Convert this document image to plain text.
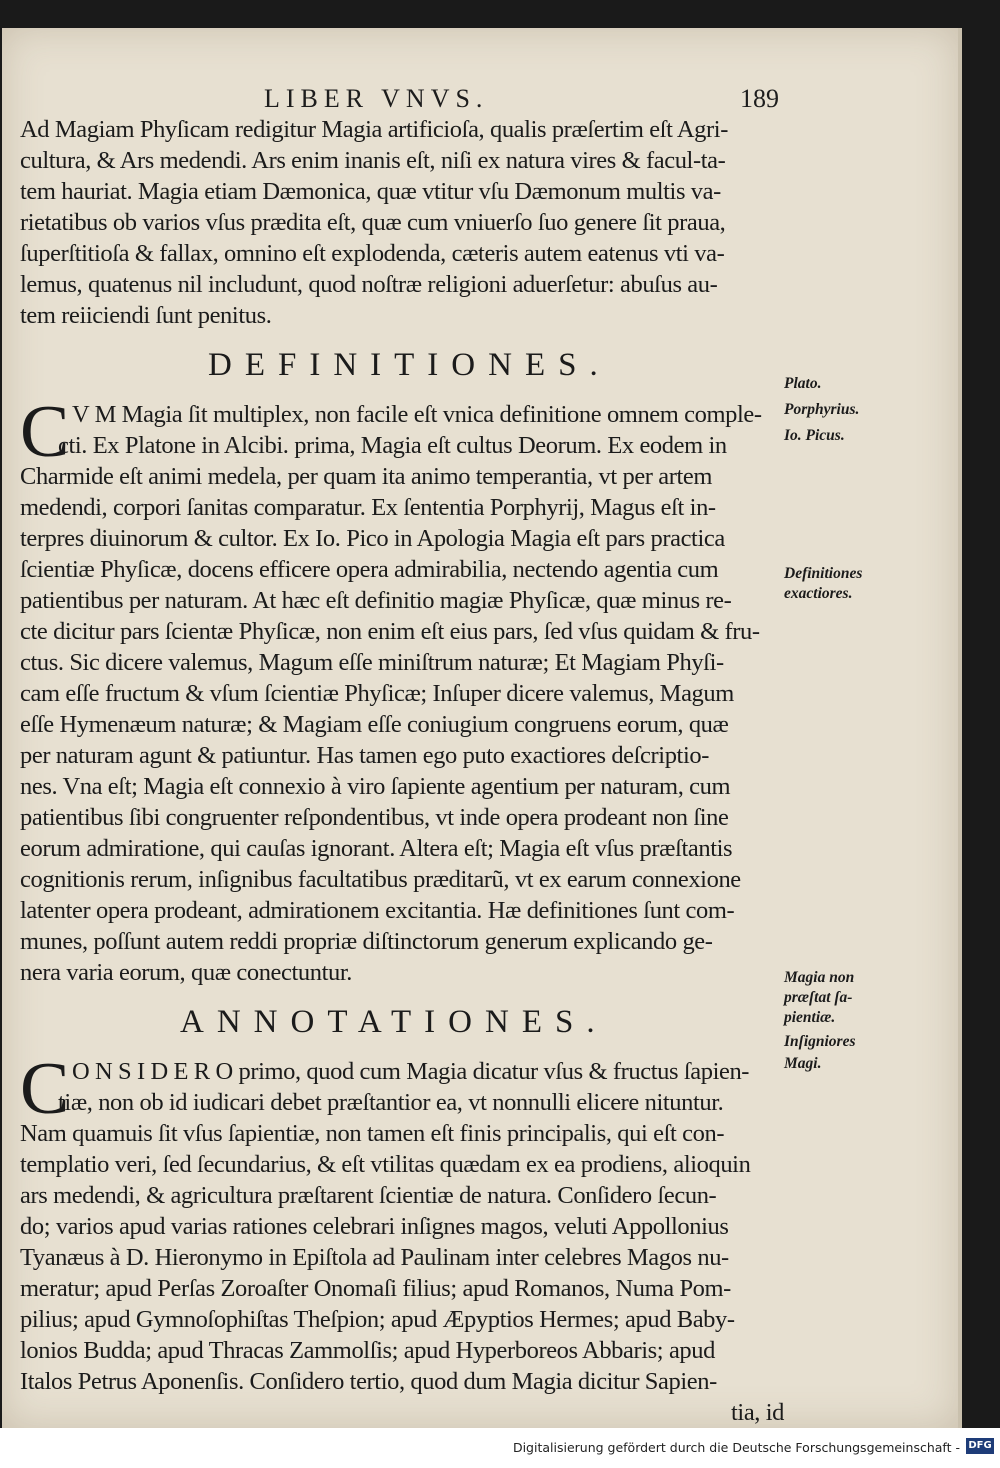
LIBER VNVS.	189
Ad Magiam Phyſicam redigitur Magia artificioſa, qualis præſertim eſt Agri-
cultura, & Ars medendi. Ars enim inanis eſt, niſi ex natura vires & facul-ta-
tem hauriat. Magia etiam Dæmonica, quæ vtitur vſu Dæmonum multis va-
rietatibus ob varios vſus prædita eſt, quæ cum vniuerſo ſuo genere ſit praua,
ſuperſtitioſa & fallax, omnino eſt explodenda, cæteris autem eatenus vti va-
lemus, quatenus nil includunt, quod noſtræ religioni aduerſetur: abuſus au-
tem reiiciendi ſunt penitus.
DEFINITIONES.
C V M Magia ſit multiplex, non facile eſt vnica definitione omnem comple-
cti. Ex Platone in Alcibi. prima, Magia eſt cultus Deorum. Ex eodem in
Charmide eſt animi medela, per quam ita animo temperantia, vt per artem
medendi, corpori ſanitas comparatur. Ex ſententia Porphyrij, Magus eſt in-
terpres diuinorum & cultor. Ex Io. Pico in Apologia Magia eſt pars practica
ſcientiæ Phyſicæ, docens efficere opera admirabilia, nectendo agentia cum
patientibus per naturam. At hæc eſt definitio magiæ Phyſicæ, quæ minus re-
cte dicitur pars ſcientæ Phyſicæ, non enim eſt eius pars, ſed vſus quidam & fru-
ctus. Sic dicere valemus, Magum eſſe miniſtrum naturæ; Et Magiam Phyſi-
cam eſſe fructum & vſum ſcientiæ Phyſicæ; Inſuper dicere valemus, Magum
eſſe Hymenæum naturæ; & Magiam eſſe coniugium congruens eorum, quæ
per naturam agunt & patiuntur. Has tamen ego puto exactiores deſcriptio-
nes. Vna eſt; Magia eſt connexio à viro ſapiente agentium per naturam, cum
patientibus ſibi congruenter reſpondentibus, vt inde opera prodeant non ſine
eorum admiratione, qui cauſas ignorant. Altera eſt; Magia eſt vſus præſtantis
cognitionis rerum, inſignibus facultatibus præditarũ, vt ex earum connexione
latenter opera prodeant, admirationem excitantia. Hæ definitiones ſunt com-
munes, poſſunt autem reddi propriæ diſtinctorum generum explicando ge-
nera varia eorum, quæ conectuntur.
ANNOTATIONES.
C O N S I D E R O primo, quod cum Magia dicatur vſus & fructus ſapien-
tiæ, non ob id iudicari debet præſtantior ea, vt nonnulli elicere nituntur.
Nam quamuis ſit vſus ſapientiæ, non tamen eſt finis principalis, qui eſt con-
templatio veri, ſed ſecundarius, & eſt vtilitas quædam ex ea prodiens, alioquin
ars medendi, & agricultura præſtarent ſcientiæ de natura. Conſidero ſecun-
do; varios apud varias rationes celebrari inſignes magos, veluti Appollonius
Tyanæus à D. Hieronymo in Epiſtola ad Paulinam inter celebres Magos nu-
meratur; apud Perſas Zoroaſter Onomaſi filius; apud Romanos, Numa Pom-
pilius; apud Gymnoſophiſtas Theſpion; apud Æpyptios Hermes; apud Baby-
lonios Budda; apud Thracas Zammolſis; apud Hyperboreos Abbaris; apud
Italos Petrus Aponenſis. Conſidero tertio, quod dum Magia dicitur Sapien-
tia, id
Plato.
Porphyrius.
Io. Picus.
Definitiones
exactiores.
Magia non
præſtat ſa-
pientiæ.
Inſigniores
Magi.
Digitalisierung gefördert durch die Deutsche Forschungsgemeinschaft - DFG
